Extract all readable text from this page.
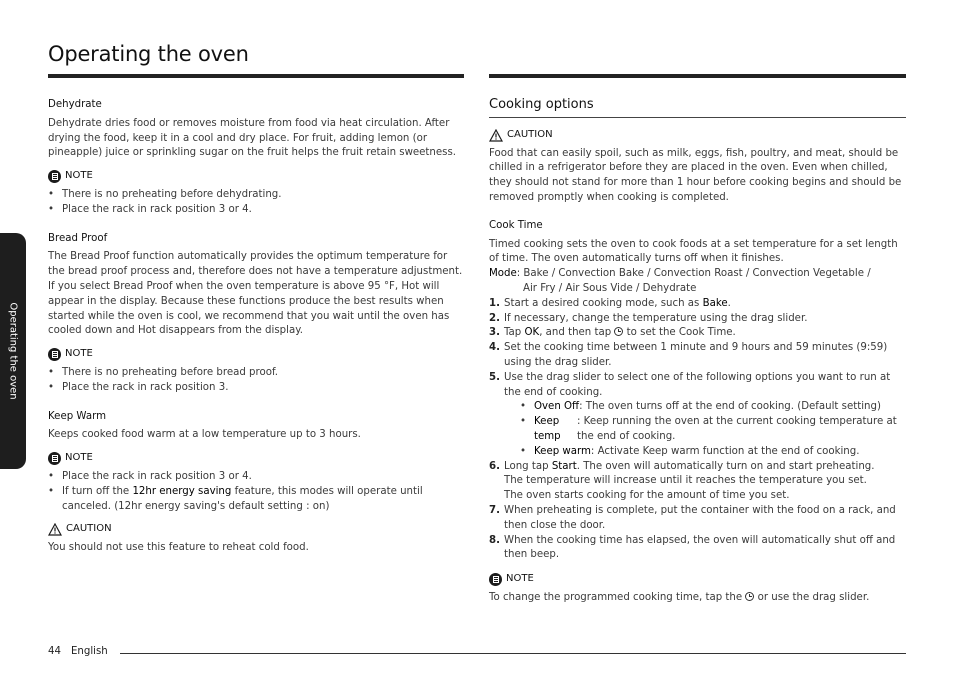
Operating the oven
Operating the oven

Dehydrate

Dehydrate dries food or removes moisture from food via heat circulation. After drying the food, keep it in a cool and dry place. For fruit, adding lemon (or pineapple) juice or sprinkling sugar on the fruit helps the fruit retain sweetness.

NOTE
• There is no preheating before dehydrating.
• Place the rack in rack position 3 or 4.

Bread Proof

The Bread Proof function automatically provides the optimum temperature for the bread proof process and, therefore does not have a temperature adjustment.

If you select Bread Proof when the oven temperature is above 95 °F, Hot will appear in the display. Because these functions produce the best results when started while the oven is cool, we recommend that you wait until the oven has cooled down and Hot disappears from the display.

NOTE
• There is no preheating before bread proof.
• Place the rack in rack position 3.

Keep Warm

Keeps cooked food warm at a low temperature up to 3 hours.

NOTE
• Place the rack in rack position 3 or 4.
• If turn off the 12hr energy saving feature, this modes will operate until canceled. (12hr energy saving's default setting : on)
CAUTION

You should not use this feature to reheat cold food.

Cooking options

CAUTION

Food that can easily spoil, such as milk, eggs, fish, poultry, and meat, should be chilled in a refrigerator before they are placed in the oven. Even when chilled, they should not stand for more than 1 hour before cooking begins and should be removed promptly when cooking is completed.

Cook Time

Timed cooking sets the oven to cook foods at a set temperature for a set length of time. The oven automatically turns off when it finishes.

Mode: Bake / Convection Bake / Convection Roast / Convection Vegetable /

Air Fry / Air Sous Vide / Dehydrate

1. Start a desired cooking mode, such as Bake.
2. If necessary, change the temperature using the drag slider.
3. Tap OK, and then tap  to set the Cook Time.
4. Set the cooking time between 1 minute and 9 hours and 59 minutes (9:59) using the drag slider.
5. Use the drag slider to select one of the following options you want to run at the end of cooking.
• Oven Off : The oven turns off at the end of cooking. (Default setting)
• Keep temp
: Keep running the oven at the current cooking temperature at the end of cooking.
• Keep warm : Activate Keep warm function at the end of cooking.
6. Long tap Start. The oven will automatically turn on and start preheating.
The temperature will increase until it reaches the temperature you set.
The oven starts cooking for the amount of time you set.
7. When preheating is complete, put the container with the food on a rack, and then close the door.
8. When the cooking time has elapsed, the oven will automatically shut off and then beep.
NOTE

To change the programmed cooking time, tap the  or use the drag slider.

44 English
